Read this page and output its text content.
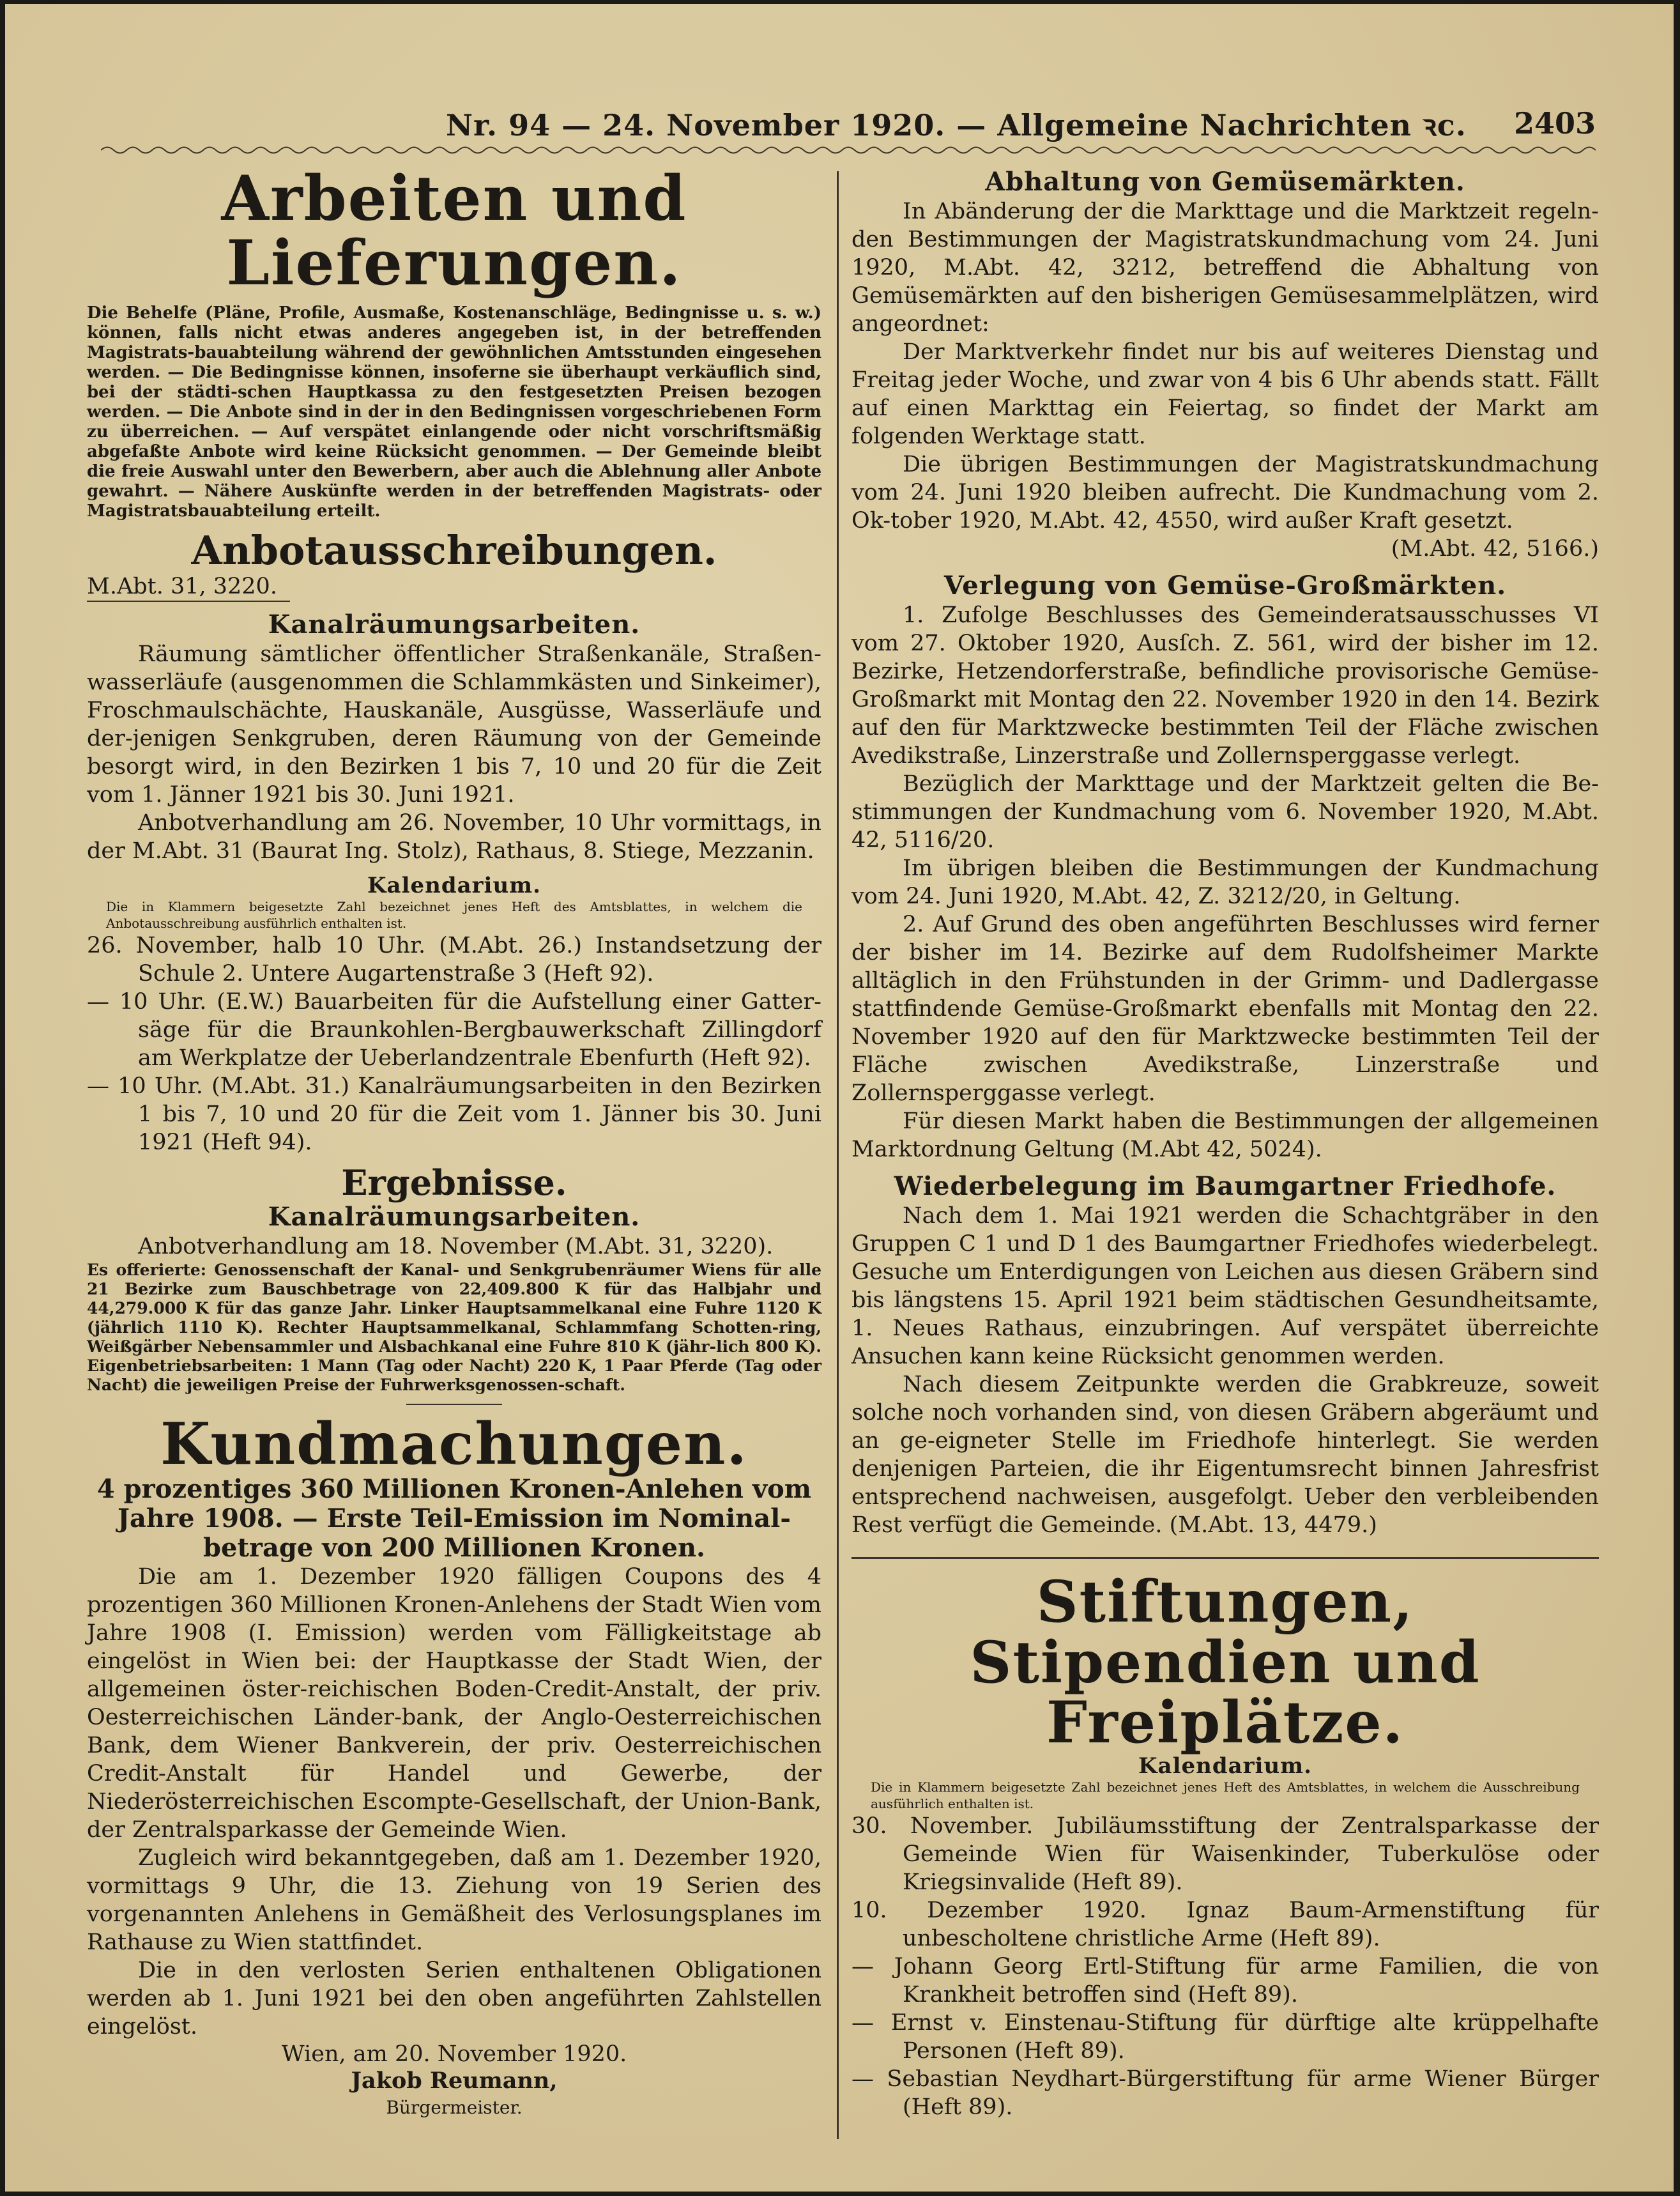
Nr. 94 — 24. November 1920. — Allgemeine Nachrichten ꝛc. 2403
Arbeiten und Lieferungen.

Die Behelfe (Pläne, Profile, Ausmaße, Kostenanschläge, Bedingnisse u. s. w.) können, falls nicht etwas anderes angegeben ist, in der betreffenden Magistrats-bauabteilung während der gewöhnlichen Amtsstunden eingesehen werden. — Die Bedingnisse können, insoferne sie überhaupt verkäuflich sind, bei der städti-schen Hauptkassa zu den festgesetzten Preisen bezogen werden. — Die Anbote sind in der in den Bedingnissen vorgeschriebenen Form zu überreichen. — Auf verspätet einlangende oder nicht vorschriftsmäßig abgefaßte Anbote wird keine Rücksicht genommen. — Der Gemeinde bleibt die freie Auswahl unter den Bewerbern, aber auch die Ablehnung aller Anbote gewahrt. — Nähere Auskünfte werden in der betreffenden Magistrats- oder Magistratsbauabteilung erteilt.

Anbotausschreibungen.

M.Abt. 31, 3220.

Kanalräumungsarbeiten.

Räumung sämtlicher öffentlicher Straßenkanäle, Straßen-wasserläufe (ausgenommen die Schlammkästen und Sinkeimer), Froschmaulschächte, Hauskanäle, Ausgüsse, Wasserläufe und der-jenigen Senkgruben, deren Räumung von der Gemeinde besorgt wird, in den Bezirken 1 bis 7, 10 und 20 für die Zeit vom 1. Jänner 1921 bis 30. Juni 1921.

Anbotverhandlung am 26. November, 10 Uhr vormittags, in der M.Abt. 31 (Baurat Ing. Stolz), Rathaus, 8. Stiege, Mezzanin.

Kalendarium.

Die in Klammern beigesetzte Zahl bezeichnet jenes Heft des Amtsblattes, in welchem die Anbotausschreibung ausführlich enthalten ist.

26. November, halb 10 Uhr. (M.Abt. 26.) Instandsetzung der Schule 2. Untere Augartenstraße 3 (Heft 92).

— 10 Uhr. (E.W.) Bauarbeiten für die Aufstellung einer Gatter-säge für die Braunkohlen-Bergbauwerkschaft Zillingdorf am Werkplatze der Ueberlandzentrale Ebenfurth (Heft 92).

— 10 Uhr. (M.Abt. 31.) Kanalräumungsarbeiten in den Bezirken 1 bis 7, 10 und 20 für die Zeit vom 1. Jänner bis 30. Juni 1921 (Heft 94).

Ergebnisse.
Kanalräumungsarbeiten.

Anbotverhandlung am 18. November (M.Abt. 31, 3220).

Es offerierte: Genossenschaft der Kanal- und Senkgrubenräumer Wiens für alle 21 Bezirke zum Bauschbetrage von 22,409.800 K für das Halbjahr und 44,279.000 K für das ganze Jahr. Linker Hauptsammelkanal eine Fuhre 1120 K (jährlich 1110 K). Rechter Hauptsammelkanal, Schlammfang Schotten-ring, Weißgärber Nebensammler und Alsbachkanal eine Fuhre 810 K (jähr-lich 800 K). Eigenbetriebsarbeiten: 1 Mann (Tag oder Nacht) 220 K, 1 Paar Pferde (Tag oder Nacht) die jeweiligen Preise der Fuhrwerksgenossen-schaft.

Kundmachungen.

4 prozentiges 360 Millionen Kronen-Anlehen vom Jahre 1908. — Erste Teil-Emission im Nominal-betrage von 200 Millionen Kronen.

Die am 1. Dezember 1920 fälligen Coupons des 4 prozentigen 360 Millionen Kronen-Anlehens der Stadt Wien vom Jahre 1908 (I. Emission) werden vom Fälligkeitstage ab eingelöst in Wien bei: der Hauptkasse der Stadt Wien, der allgemeinen öster-reichischen Boden-Credit-Anstalt, der priv. Oesterreichischen Länder-bank, der Anglo-Oesterreichischen Bank, dem Wiener Bankverein, der priv. Oesterreichischen Credit-Anstalt für Handel und Gewerbe, der Niederösterreichischen Escompte-Gesellschaft, der Union-Bank, der Zentralsparkasse der Gemeinde Wien.

Zugleich wird bekanntgegeben, daß am 1. Dezember 1920, vormittags 9 Uhr, die 13. Ziehung von 19 Serien des vorgenannten Anlehens in Gemäßheit des Verlosungsplanes im Rathause zu Wien stattfindet.

Die in den verlosten Serien enthaltenen Obligationen werden ab 1. Juni 1921 bei den oben angeführten Zahlstellen eingelöst.

Wien, am 20. November 1920.

Jakob Reumann,

Bürgermeister.

Abhaltung von Gemüsemärkten.

In Abänderung der die Markttage und die Marktzeit regeln-den Bestimmungen der Magistratskundmachung vom 24. Juni 1920, M.Abt. 42, 3212, betreffend die Abhaltung von Gemüsemärkten auf den bisherigen Gemüsesammelplätzen, wird angeordnet:

Der Marktverkehr findet nur bis auf weiteres Dienstag und Freitag jeder Woche, und zwar von 4 bis 6 Uhr abends statt. Fällt auf einen Markttag ein Feiertag, so findet der Markt am folgenden Werktage statt.

Die übrigen Bestimmungen der Magistratskundmachung vom 24. Juni 1920 bleiben aufrecht. Die Kundmachung vom 2. Ok-tober 1920, M.Abt. 42, 4550, wird außer Kraft gesetzt.

(M.Abt. 42, 5166.)

Verlegung von Gemüse-Großmärkten.

1. Zufolge Beschlusses des Gemeinderatsausschusses VI vom 27. Oktober 1920, Ausſch. Z. 561, wird der bisher im 12. Bezirke, Hetzendorferstraße, befindliche provisorische Gemüse-Großmarkt mit Montag den 22. November 1920 in den 14. Bezirk auf den für Marktzwecke bestimmten Teil der Fläche zwischen Avedikstraße, Linzerstraße und Zollernsperggasse verlegt.

Bezüglich der Markttage und der Marktzeit gelten die Be-stimmungen der Kundmachung vom 6. November 1920, M.Abt. 42, 5116/20.

Im übrigen bleiben die Bestimmungen der Kundmachung vom 24. Juni 1920, M.Abt. 42, Z. 3212/20, in Geltung.

2. Auf Grund des oben angeführten Beschlusses wird ferner der bisher im 14. Bezirke auf dem Rudolfsheimer Markte alltäglich in den Frühstunden in der Grimm- und Dadlergasse stattfindende Gemüse-Großmarkt ebenfalls mit Montag den 22. November 1920 auf den für Marktzwecke bestimmten Teil der Fläche zwischen Avedikstraße, Linzerstraße und Zollernsperggasse verlegt.

Für diesen Markt haben die Bestimmungen der allgemeinen Marktordnung Geltung (M.Abt 42, 5024).

Wiederbelegung im Baumgartner Friedhofe.

Nach dem 1. Mai 1921 werden die Schachtgräber in den Gruppen C 1 und D 1 des Baumgartner Friedhofes wiederbelegt. Gesuche um Enterdigungen von Leichen aus diesen Gräbern sind bis längstens 15. April 1921 beim städtischen Gesundheitsamte, 1. Neues Rathaus, einzubringen. Auf verspätet überreichte Ansuchen kann keine Rücksicht genommen werden.

Nach diesem Zeitpunkte werden die Grabkreuze, soweit solche noch vorhanden sind, von diesen Gräbern abgeräumt und an ge-eigneter Stelle im Friedhofe hinterlegt. Sie werden denjenigen Parteien, die ihr Eigentumsrecht binnen Jahresfrist entsprechend nachweisen, ausgefolgt. Ueber den verbleibenden Rest verfügt die Gemeinde. (M.Abt. 13, 4479.)

Stiftungen, Stipendien und Freiplätze.
Kalendarium.

Die in Klammern beigesetzte Zahl bezeichnet jenes Heft des Amtsblattes, in welchem die Ausschreibung ausführlich enthalten ist.

30. November. Jubiläumsstiftung der Zentralsparkasse der Gemeinde Wien für Waisenkinder, Tuberkulöse oder Kriegsinvalide (Heft 89).

10. Dezember 1920. Ignaz Baum-Armenstiftung für unbescholtene christliche Arme (Heft 89).

— Johann Georg Ertl-Stiftung für arme Familien, die von Krankheit betroffen sind (Heft 89).

— Ernst v. Einstenau-Stiftung für dürftige alte krüppelhafte Personen (Heft 89).

— Sebastian Neydhart-Bürgerstiftung für arme Wiener Bürger (Heft 89).
